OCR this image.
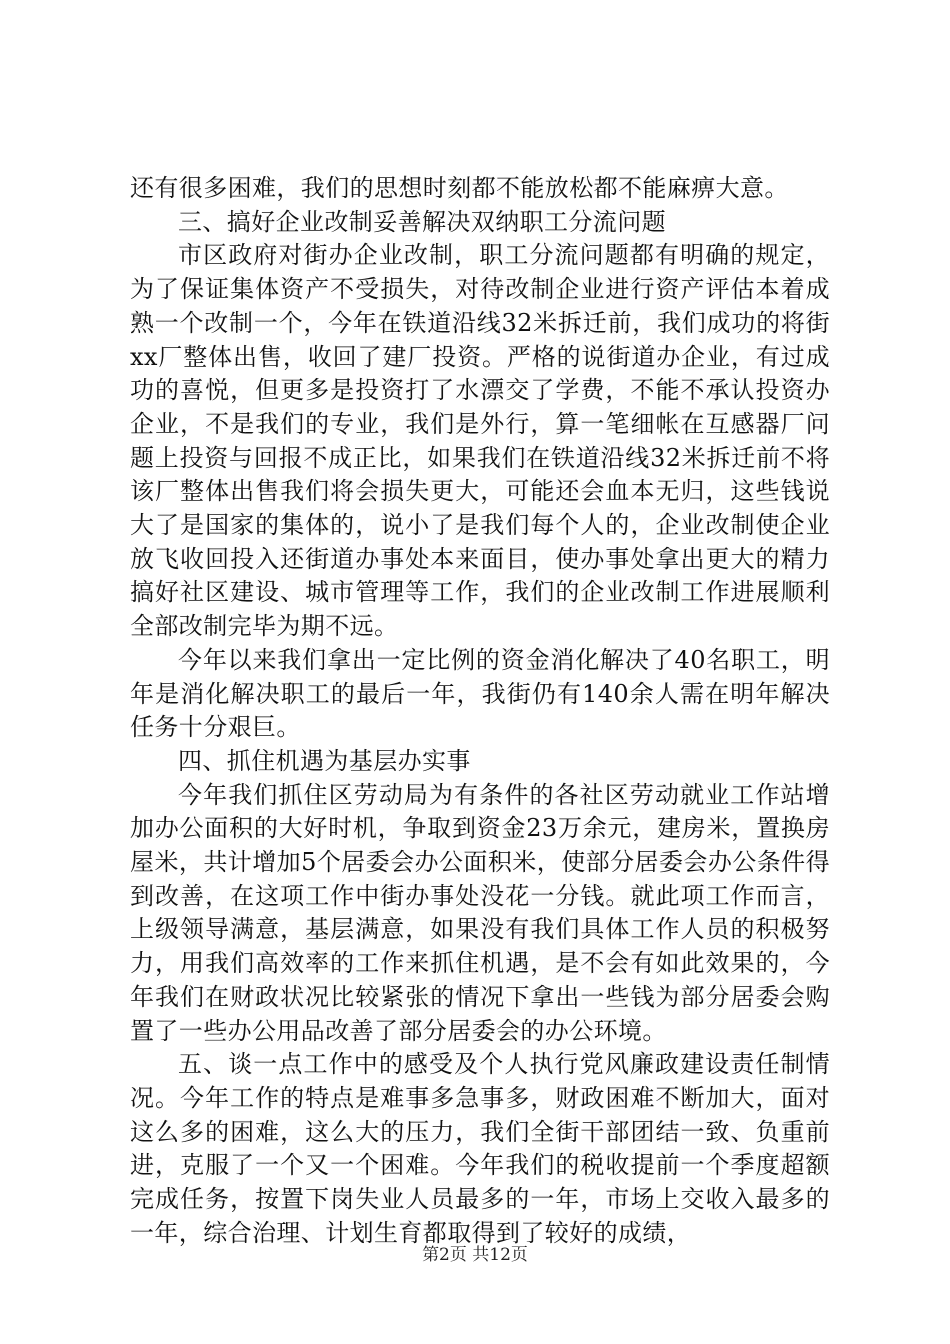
还有很多困难，我们的思想时刻都不能放松都不能麻痹大意。

三、搞好企业改制妥善解决双纳职工分流问题

市区政府对街办企业改制，职工分流问题都有明确的规定，为了保证集体资产不受损失，对待改制企业进行资产评估本着成熟一个改制一个，今年在铁道沿线32米拆迁前，我们成功的将街xx厂整体出售，收回了建厂投资。严格的说街道办企业，有过成功的喜悦，但更多是投资打了水漂交了学费，不能不承认投资办企业，不是我们的专业，我们是外行，算一笔细帐在互感器厂问题上投资与回报不成正比，如果我们在铁道沿线32米拆迁前不将该厂整体出售我们将会损失更大，可能还会血本无归，这些钱说大了是国家的集体的，说小了是我们每个人的，企业改制使企业放飞收回投入还街道办事处本来面目，使办事处拿出更大的精力搞好社区建设、城市管理等工作，我们的企业改制工作进展顺利全部改制完毕为期不远。

今年以来我们拿出一定比例的资金消化解决了40名职工，明年是消化解决职工的最后一年，我街仍有140余人需在明年解决任务十分艰巨。

四、抓住机遇为基层办实事

今年我们抓住区劳动局为有条件的各社区劳动就业工作站增加办公面积的大好时机，争取到资金23万余元，建房米，置换房屋米，共计增加5个居委会办公面积米，使部分居委会办公条件得到改善，在这项工作中街办事处没花一分钱。就此项工作而言，上级领导满意，基层满意，如果没有我们具体工作人员的积极努力，用我们高效率的工作来抓住机遇，是不会有如此效果的，今年我们在财政状况比较紧张的情况下拿出一些钱为部分居委会购置了一些办公用品改善了部分居委会的办公环境。

五、谈一点工作中的感受及个人执行党风廉政建设责任制情况。今年工作的特点是难事多急事多，财政困难不断加大，面对这么多的困难，这么大的压力，我们全街干部团结一致、负重前进，克服了一个又一个困难。今年我们的税收提前一个季度超额完成任务，按置下岗失业人员最多的一年，市场上交收入最多的一年，综合治理、计划生育都取得到了较好的成绩，

第2页 共12页
